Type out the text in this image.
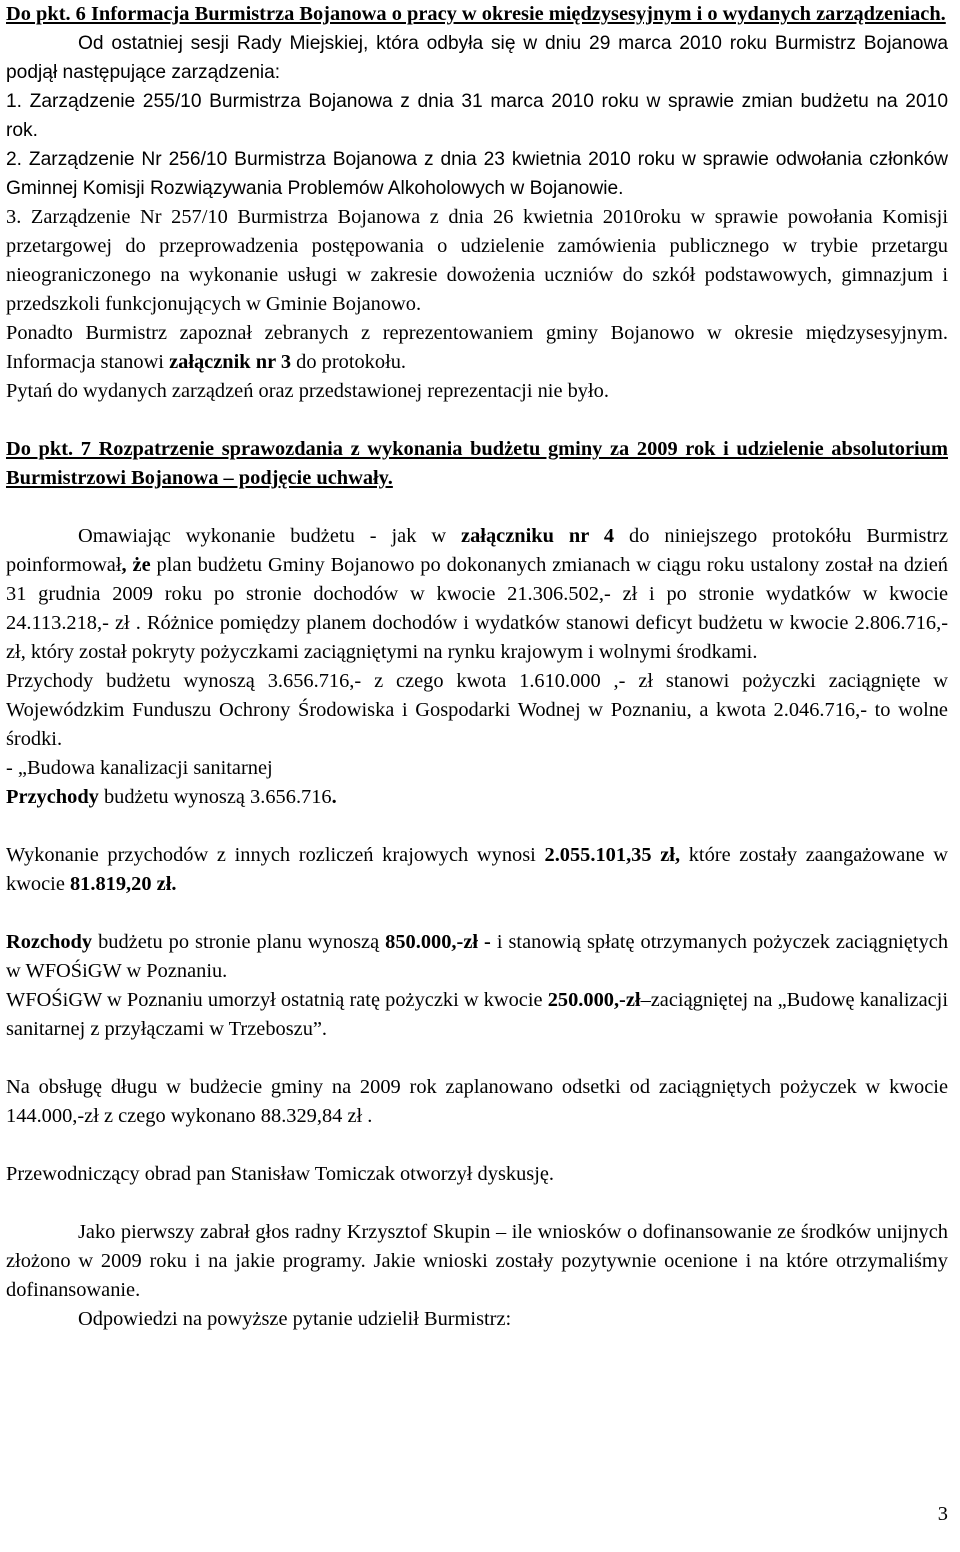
Do pkt. 6 Informacja Burmistrza Bojanowa o pracy w okresie międzysesyjnym i o wydanych zarządzeniach.

Od ostatniej sesji Rady Miejskiej, która odbyła się w dniu 29 marca 2010 roku Burmistrz Bojanowa podjął następujące zarządzenia:

1. Zarządzenie 255/10 Burmistrza Bojanowa z dnia 31 marca 2010 roku w sprawie zmian budżetu na 2010 rok.

2. Zarządzenie Nr 256/10 Burmistrza Bojanowa z dnia 23 kwietnia 2010 roku w sprawie odwołania członków Gminnej Komisji Rozwiązywania Problemów Alkoholowych w Bojanowie.

3. Zarządzenie Nr 257/10 Burmistrza Bojanowa z dnia 26 kwietnia 2010roku w sprawie powołania Komisji przetargowej do przeprowadzenia postępowania o udzielenie zamówienia publicznego w trybie przetargu nieograniczonego na wykonanie usługi w zakresie dowożenia uczniów do szkół podstawowych, gimnazjum i przedszkoli funkcjonujących w Gminie Bojanowo.

Ponadto Burmistrz zapoznał zebranych z reprezentowaniem gminy Bojanowo w okresie międzysesyjnym. Informacja stanowi załącznik nr 3 do protokołu.

Pytań do wydanych zarządzeń oraz przedstawionej reprezentacji nie było.

Do pkt. 7 Rozpatrzenie sprawozdania z wykonania budżetu gminy za 2009 rok i udzielenie absolutorium Burmistrzowi Bojanowa – podjęcie uchwały.

Omawiając wykonanie budżetu - jak w załączniku nr 4 do niniejszego protokółu Burmistrz poinformował, że plan budżetu Gminy Bojanowo po dokonanych zmianach w ciągu roku ustalony został na dzień 31 grudnia 2009 roku po stronie dochodów w kwocie 21.306.502,- zł i po stronie wydatków w kwocie 24.113.218,- zł . Różnice pomiędzy planem dochodów i wydatków stanowi deficyt budżetu w kwocie 2.806.716,- zł, który został pokryty pożyczkami zaciągniętymi na rynku krajowym i wolnymi środkami.

Przychody budżetu wynoszą 3.656.716,- z czego kwota 1.610.000 ,- zł stanowi pożyczki zaciągnięte w Wojewódzkim Funduszu Ochrony Środowiska i Gospodarki Wodnej w Poznaniu, a kwota 2.046.716,- to wolne środki.

- „Budowa kanalizacji sanitarnej

Przychody budżetu wynoszą 3.656.716.

Wykonanie przychodów z innych rozliczeń krajowych wynosi 2.055.101,35 zł, które zostały zaangażowane w kwocie 81.819,20 zł.

Rozchody budżetu po stronie planu wynoszą 850.000,-zł - i stanowią spłatę otrzymanych pożyczek zaciągniętych w WFOŚiGW w Poznaniu.

WFOŚiGW w Poznaniu umorzył ostatnią ratę pożyczki w kwocie 250.000,-zł–zaciągniętej na „Budowę kanalizacji sanitarnej z przyłączami w Trzeboszu”.

Na obsługę długu w budżecie gminy na 2009 rok zaplanowano odsetki od zaciągniętych pożyczek w kwocie 144.000,-zł z czego wykonano 88.329,84 zł .

Przewodniczący obrad pan Stanisław Tomiczak otworzył dyskusję.

Jako pierwszy zabrał głos radny Krzysztof Skupin – ile wniosków o dofinansowanie ze środków unijnych złożono w 2009 roku i na jakie programy. Jakie wnioski zostały pozytywnie ocenione i na które otrzymaliśmy dofinansowanie.

Odpowiedzi na powyższe pytanie udzielił Burmistrz:

3
